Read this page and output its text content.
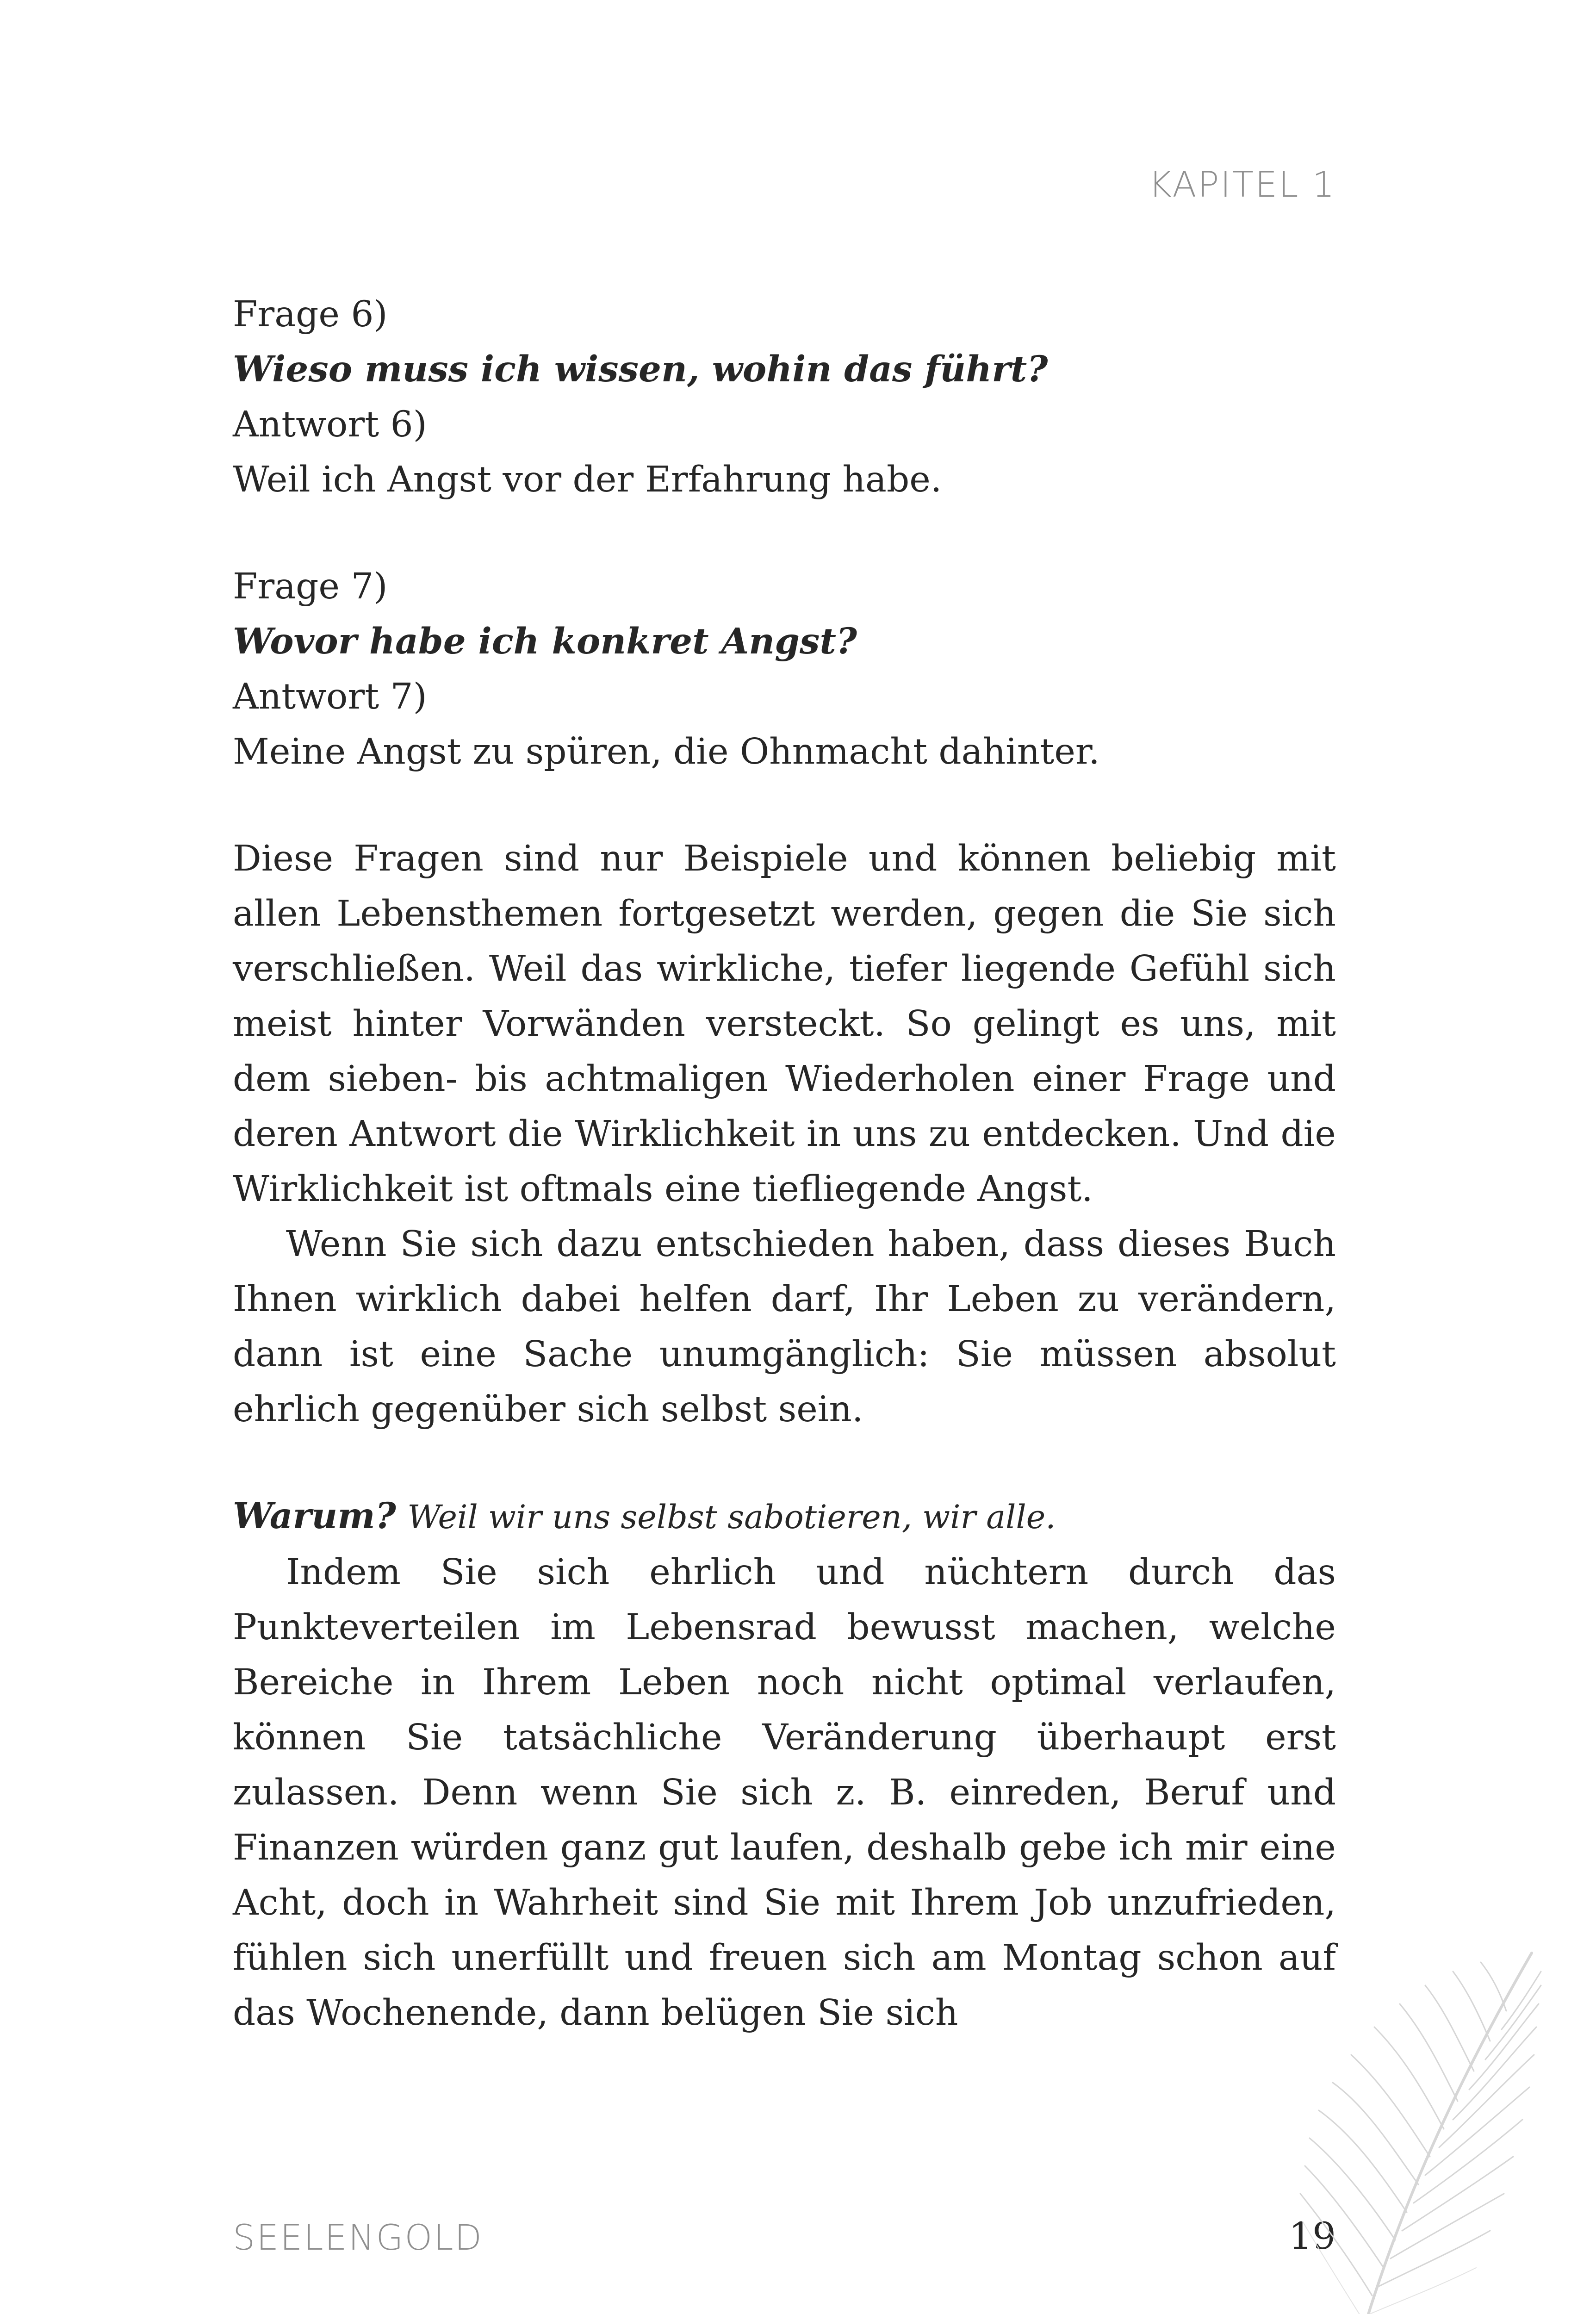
KAPITEL 1
Frage 6)
Wieso muss ich wissen, wohin das führt?
Antwort 6)
Weil ich Angst vor der Erfahrung habe.
Frage 7)
Wovor habe ich konkret Angst?
Antwort 7)
Meine Angst zu spüren, die Ohnmacht dahinter.

Diese Fragen sind nur Beispiele und können beliebig mit allen Lebensthemen fortgesetzt werden, gegen die Sie sich verschließen. Weil das wirkliche, tiefer liegende Gefühl sich meist hinter Vorwänden versteckt. So gelingt es uns, mit dem sieben- bis achtmaligen Wiederholen einer Frage und deren Antwort die Wirklichkeit in uns zu entdecken. Und die Wirklichkeit ist oftmals eine tiefliegende Angst.

Wenn Sie sich dazu entschieden haben, dass dieses Buch Ihnen wirklich dabei helfen darf, Ihr Leben zu verändern, dann ist eine Sache unumgänglich: Sie müssen absolut ehrlich gegenüber sich selbst sein.

Warum? Weil wir uns selbst sabotieren, wir alle.

Indem Sie sich ehrlich und nüchtern durch das Punkteverteilen im Lebensrad bewusst machen, welche Bereiche in Ihrem Leben noch nicht optimal verlaufen, können Sie tatsächliche Veränderung überhaupt erst zulassen. Denn wenn Sie sich z. B. einreden, Beruf und Finanzen würden ganz gut laufen, deshalb gebe ich mir eine Acht, doch in Wahrheit sind Sie mit Ihrem Job unzufrieden, fühlen sich unerfüllt und freuen sich am Montag schon auf das Wochenende, dann belügen Sie sich

SEELENGOLD	19
